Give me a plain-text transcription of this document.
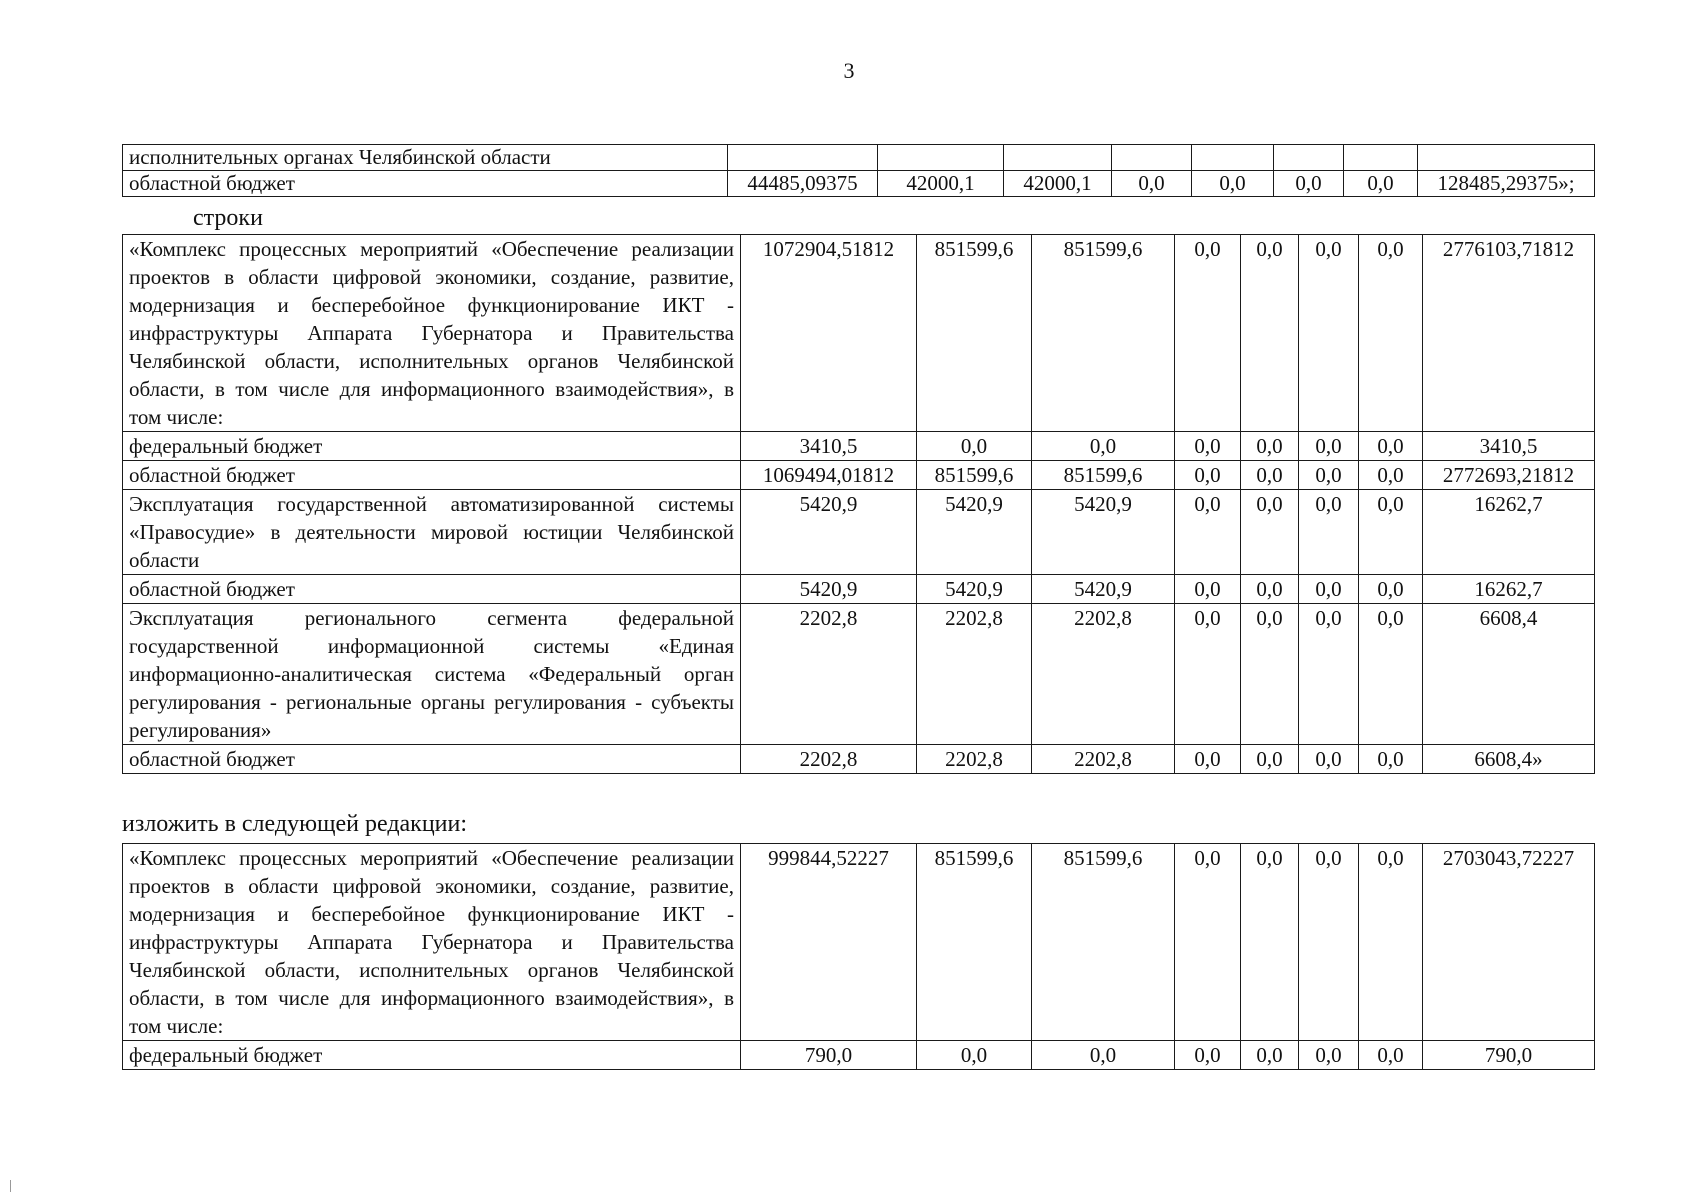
3
исполнительных органах Челябинской области								
областной бюджет	44485,09375	42000,1	42000,1	0,0	0,0	0,0	0,0	128485,29375»;
строки
«Комплекс процессных мероприятий «Обеспечение реализации проектов в области цифровой экономики, создание, развитие, модернизация и бесперебойное функционирование ИКТ - инфраструктуры Аппарата Губернатора и Правительства Челябинской области, исполнительных органов Челябинской области, в том числе для информационного взаимодействия», в том числе:	1072904,51812	851599,6	851599,6	0,0	0,0	0,0	0,0	2776103,71812
федеральный бюджет	3410,5	0,0	0,0	0,0	0,0	0,0	0,0	3410,5
областной бюджет	1069494,01812	851599,6	851599,6	0,0	0,0	0,0	0,0	2772693,21812
Эксплуатация государственной автоматизированной системы «Правосудие» в деятельности мировой юстиции Челябинской области	5420,9	5420,9	5420,9	0,0	0,0	0,0	0,0	16262,7
областной бюджет	5420,9	5420,9	5420,9	0,0	0,0	0,0	0,0	16262,7
Эксплуатация регионального сегмента федеральной государственной информационной системы «Единая информационно-аналитическая система «Федеральный орган регулирования - региональные органы регулирования - субъекты регулирования»	2202,8	2202,8	2202,8	0,0	0,0	0,0	0,0	6608,4
областной бюджет	2202,8	2202,8	2202,8	0,0	0,0	0,0	0,0	6608,4»
изложить в следующей редакции:
«Комплекс процессных мероприятий «Обеспечение реализации проектов в области цифровой экономики, создание, развитие, модернизация и бесперебойное функционирование ИКТ - инфраструктуры Аппарата Губернатора и Правительства Челябинской области, исполнительных органов Челябинской области, в том числе для информационного взаимодействия», в том числе:	999844,52227	851599,6	851599,6	0,0	0,0	0,0	0,0	2703043,72227
федеральный бюджет	790,0	0,0	0,0	0,0	0,0	0,0	0,0	790,0
